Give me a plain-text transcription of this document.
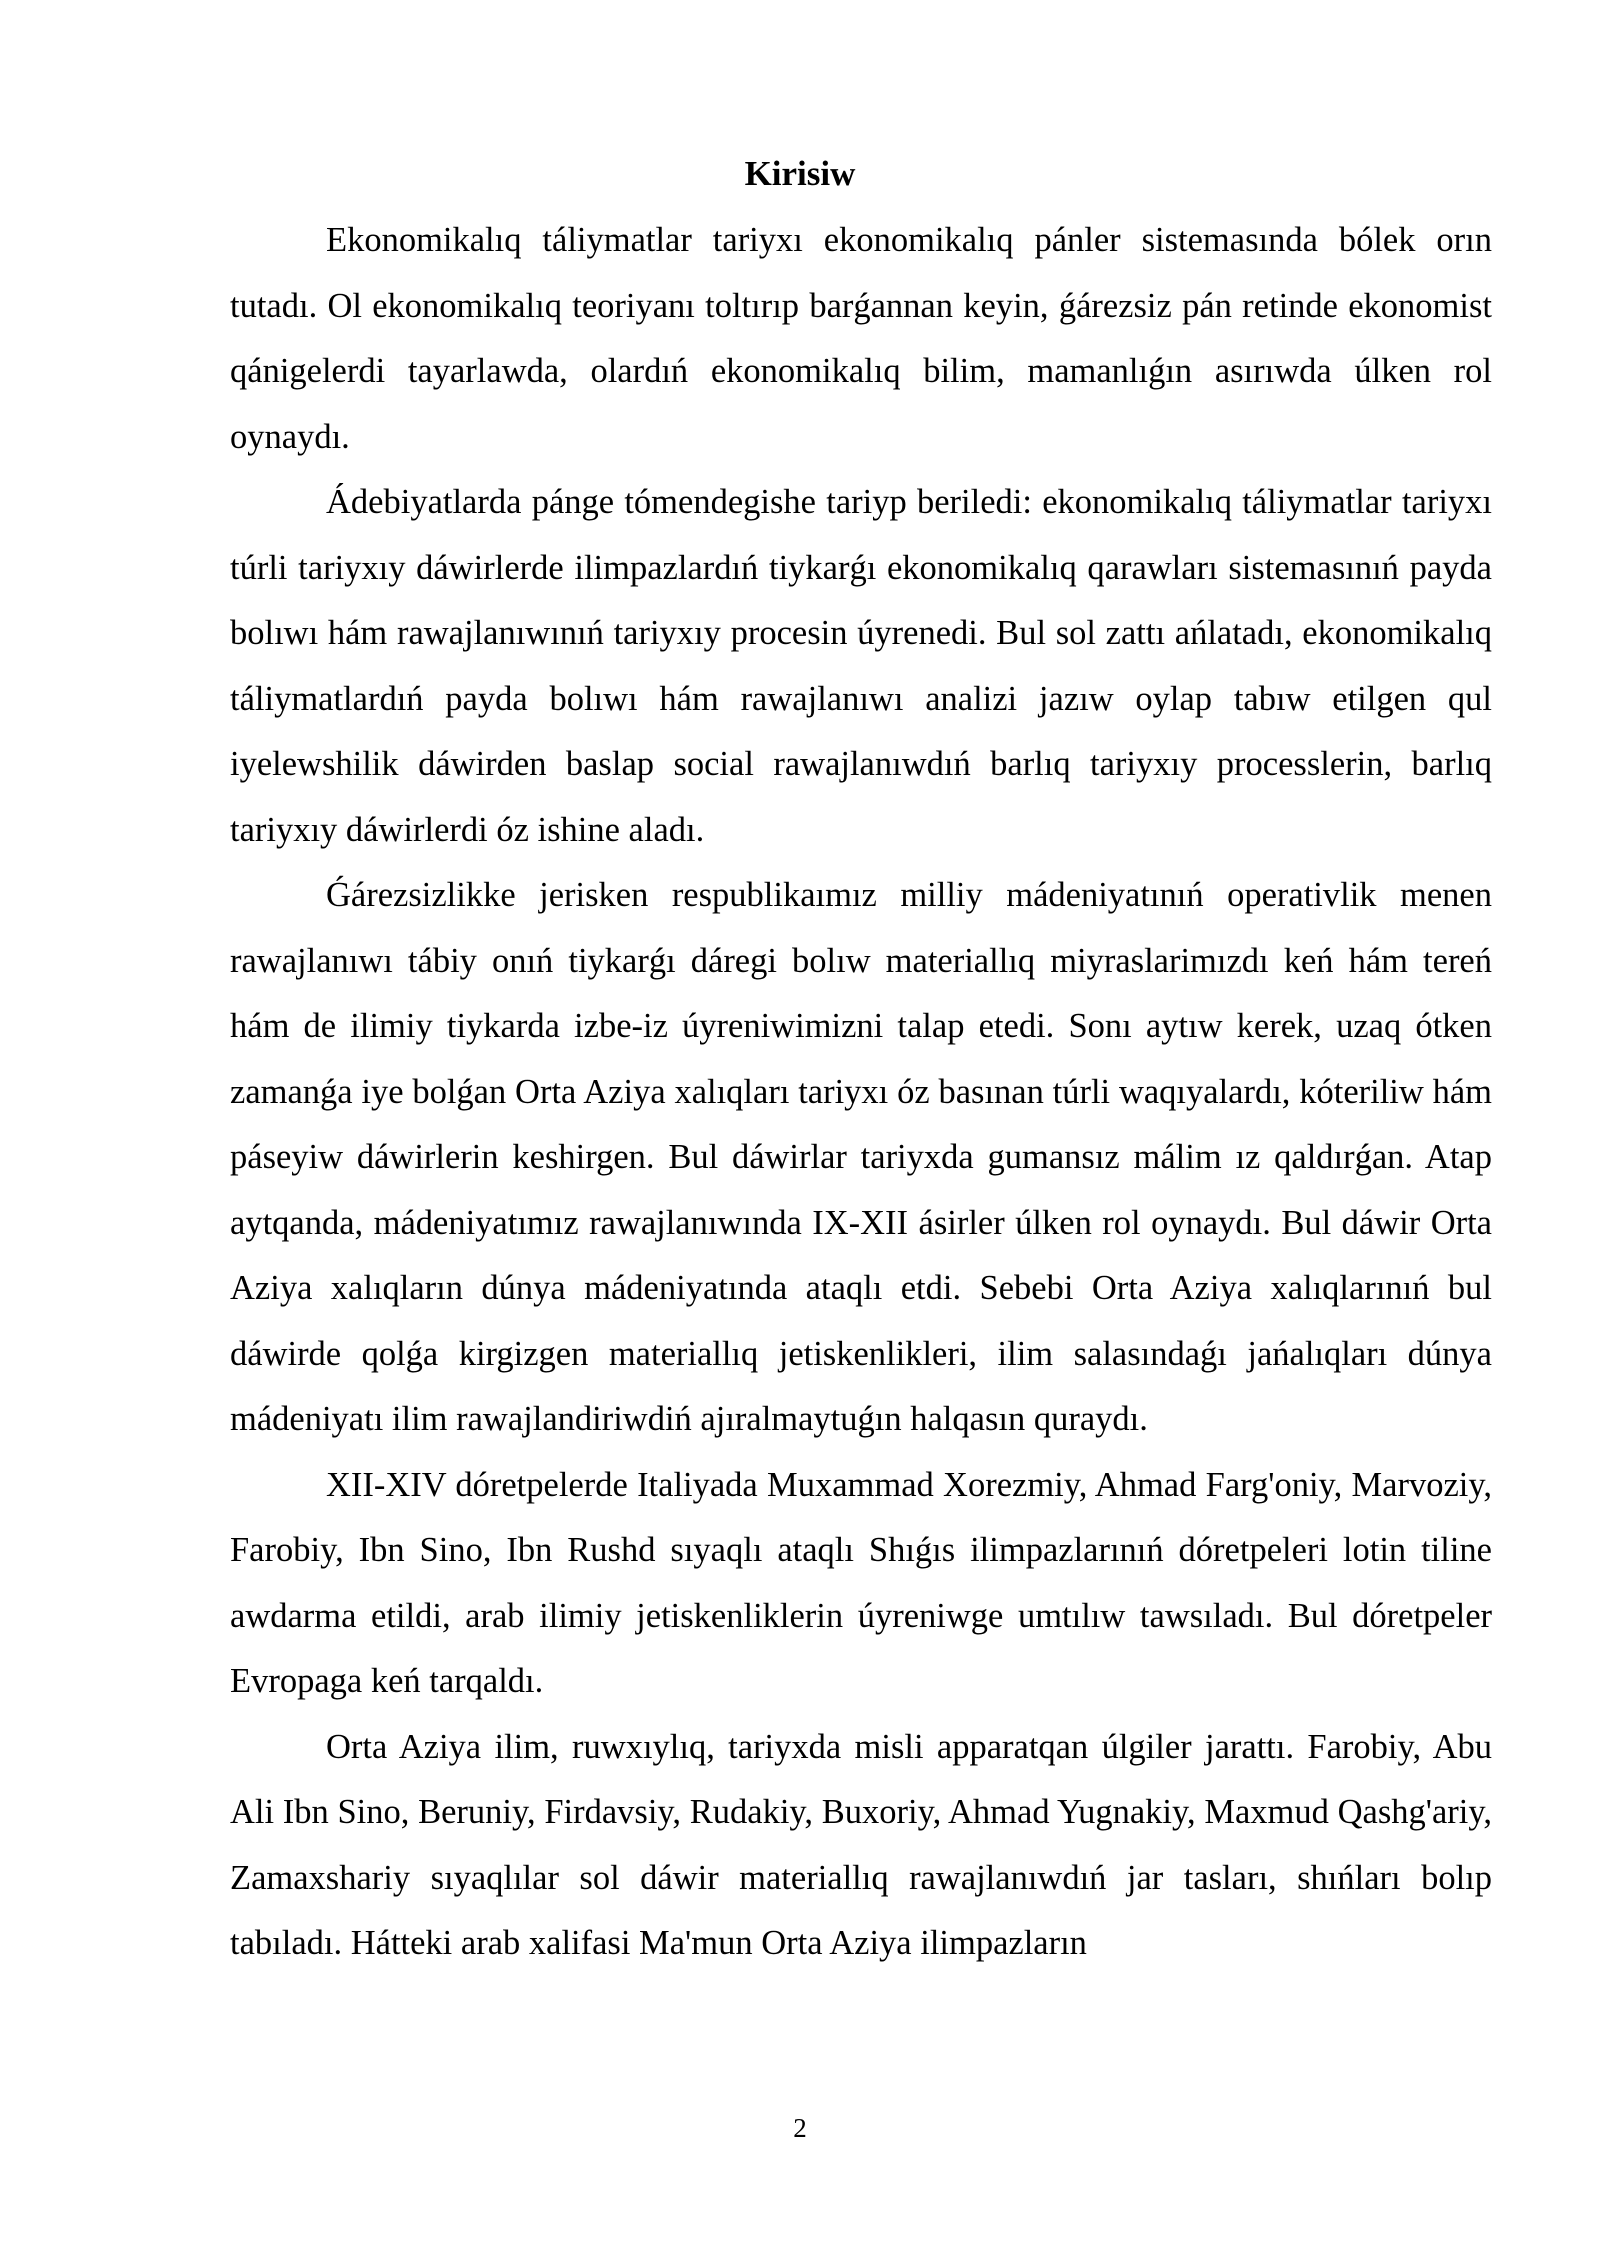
Kirisiw

Ekonomikalıq táliymatlar tariyxı ekonomikalıq pánler sistemasında bólek orın tutadı. Ol ekonomikalıq teoriyanı toltırıp barǵannan keyin, ǵárezsiz pán retinde ekonomist qánigelerdi tayarlawda, olardıń ekonomikalıq bilim, mamanlıǵın asırıwda úlken rol oynaydı.

Ádebiyatlarda pánge tómendegishe tariyp beriledi: ekonomikalıq táliymatlar tariyxı túrli tariyxıy dáwirlerde ilimpazlardıń tiykarǵı ekonomikalıq qarawları sistemasınıń payda bolıwı hám rawajlanıwınıń tariyxıy procesin úyrenedi. Bul sol zattı ańlatadı, ekonomikalıq táliymatlardıń payda bolıwı hám rawajlanıwı analizi jazıw oylap tabıw etilgen qul iyelewshilik dáwirden baslap social rawajlanıwdıń barlıq tariyxıy processlerin, barlıq tariyxıy dáwirlerdi óz ishine aladı.

Ǵárezsizlikke jerisken respublikaımız milliy mádeniyatınıń operativlik menen rawajlanıwı tábiy onıń tiykarǵı dáregi bolıw materiallıq miyraslarimızdı keń hám tereń hám de ilimiy tiykarda izbe-iz úyreniwimizni talap etedi. Sonı aytıw kerek, uzaq ótken zamanǵa iye bolǵan Orta Aziya xalıqları tariyxı óz basınan túrli waqıyalardı, kóteriliw hám páseyiw dáwirlerin keshirgen. Bul dáwirlar tariyxda gumansız málim ız qaldırǵan. Atap aytqanda, mádeniyatımız rawajlanıwında IX-XII ásirler úlken rol oynaydı. Bul dáwir Orta Aziya xalıqların dúnya mádeniyatında ataqlı etdi. Sebebi Orta Aziya xalıqlarınıń bul dáwirde qolǵa kirgizgen materiallıq jetiskenlikleri, ilim salasındaǵı jańalıqları dúnya mádeniyatı ilim rawajlandiriwdiń ajıralmaytuǵın halqasın quraydı.

XII-XIV dóretpelerde Italiyada Muxammad Xorezmiy, Ahmad Farg'oniy, Marvoziy, Farobiy, Ibn Sino, Ibn Rushd sıyaqlı ataqlı Shıǵıs ilimpazlarınıń dóretpeleri lotin tiline awdarma etildi, arab ilimiy jetiskenliklerin úyreniwge umtılıw tawsıladı. Bul dóretpeler Evropaga keń tarqaldı.

Orta Aziya ilim, ruwxıylıq, tariyxda misli apparatqan úlgiler jarattı. Farobiy, Abu Ali Ibn Sino, Beruniy, Firdavsiy, Rudakiy, Buxoriy, Ahmad Yugnakiy, Maxmud Qashg'ariy, Zamaxshariy sıyaqlılar sol dáwir materiallıq rawajlanıwdıń jar tasları, shıńları bolıp tabıladı. Hátteki arab xalifasi Ma'mun Orta Aziya ilimpazların

2
